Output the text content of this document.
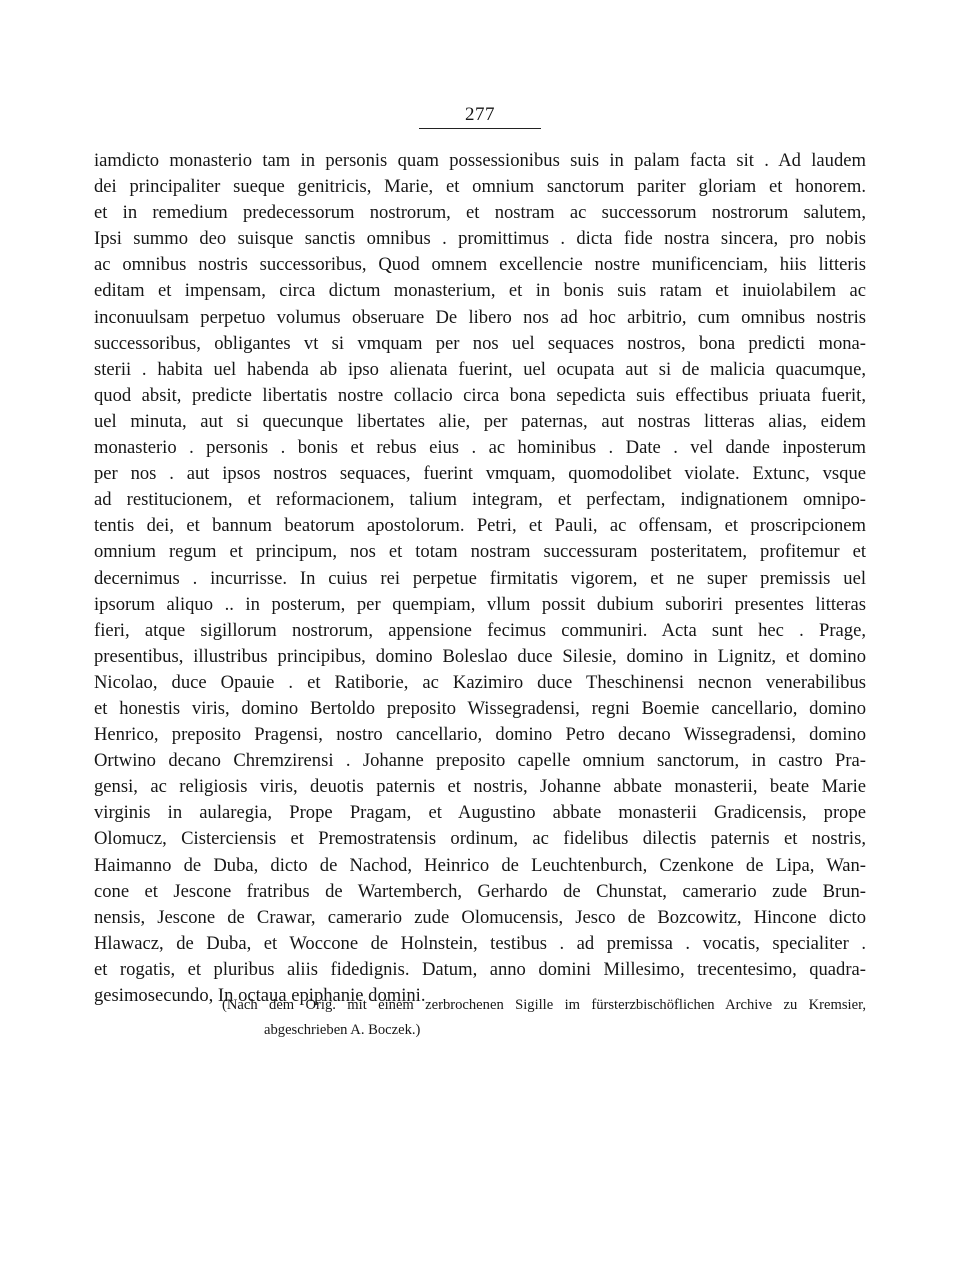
277
iamdicto monasterio tam in personis quam possessionibus suis in palam facta sit . Ad laudem
dei principaliter sueque genitricis, Marie, et omnium sanctorum pariter gloriam et honorem.
et in remedium predecessorum nostrorum, et nostram ac successorum nostrorum salutem,
Ipsi summo deo suisque sanctis omnibus . promittimus . dicta fide nostra sincera, pro nobis
ac omnibus nostris successoribus, Quod omnem excellencie nostre munificenciam, hiis litteris
editam et impensam, circa dictum monasterium, et in bonis suis ratam et inuiolabilem ac
inconuulsam perpetuo volumus obseruare De libero nos ad hoc arbitrio, cum omnibus nostris
successoribus, obligantes vt si vmquam per nos uel sequaces nostros, bona predicti mona-
sterii . habita uel habenda ab ipso alienata fuerint, uel ocupata aut si de malicia quacumque,
quod absit, predicte libertatis nostre collacio circa bona sepedicta suis effectibus priuata fuerit,
uel minuta, aut si quecunque libertates alie, per paternas, aut nostras litteras alias, eidem
monasterio . personis . bonis et rebus eius . ac hominibus . Date . vel dande inposterum
per nos . aut ipsos nostros sequaces, fuerint vmquam, quomodolibet violate. Extunc, vsque
ad restitucionem, et reformacionem, talium integram, et perfectam, indignationem omnipo-
tentis dei, et bannum beatorum apostolorum. Petri, et Pauli, ac offensam, et proscripcionem
omnium regum et principum, nos et totam nostram successuram posteritatem, profitemur et
decernimus . incurrisse. In cuius rei perpetue firmitatis vigorem, et ne super premissis uel
ipsorum aliquo .. in posterum, per quempiam, vllum possit dubium suboriri presentes litteras
fieri, atque sigillorum nostrorum, appensione fecimus communiri. Acta sunt hec . Prage,
presentibus, illustribus principibus, domino Boleslao duce Silesie, domino in Lignitz, et domino
Nicolao, duce Opauie . et Ratiborie, ac Kazimiro duce Theschinensi necnon venerabilibus
et honestis viris, domino Bertoldo preposito Wissegradensi, regni Boemie cancellario, domino
Henrico, preposito Pragensi, nostro cancellario, domino Petro decano Wissegradensi, domino
Ortwino decano Chremzirensi . Johanne preposito capelle omnium sanctorum, in castro Pra-
gensi, ac religiosis viris, deuotis paternis et nostris, Johanne abbate monasterii, beate Marie
virginis in aularegia, Prope Pragam, et Augustino abbate monasterii Gradicensis, prope
Olomucz, Cisterciensis et Premostratensis ordinum, ac fidelibus dilectis paternis et nostris,
Haimanno de Duba, dicto de Nachod, Heinrico de Leuchtenburch, Czenkone de Lipa, Wan-
cone et Jescone fratribus de Wartemberch, Gerhardo de Chunstat, camerario zude Brun-
nensis, Jescone de Crawar, camerario zude Olomucensis, Jesco de Bozcowitz, Hincone dicto
Hlawacz, de Duba, et Woccone de Holnstein, testibus . ad premissa . vocatis, specialiter .
et rogatis, et pluribus aliis fidedignis. Datum, anno domini Millesimo, trecentesimo, quadra-
gesimosecundo, In octaua epiphanie domini.
(Nach dem Orig. mit einem zerbrochenen Sigille im fürsterzbischöflichen Archive zu Kremsier,
abgeschrieben A. Boczek.)
